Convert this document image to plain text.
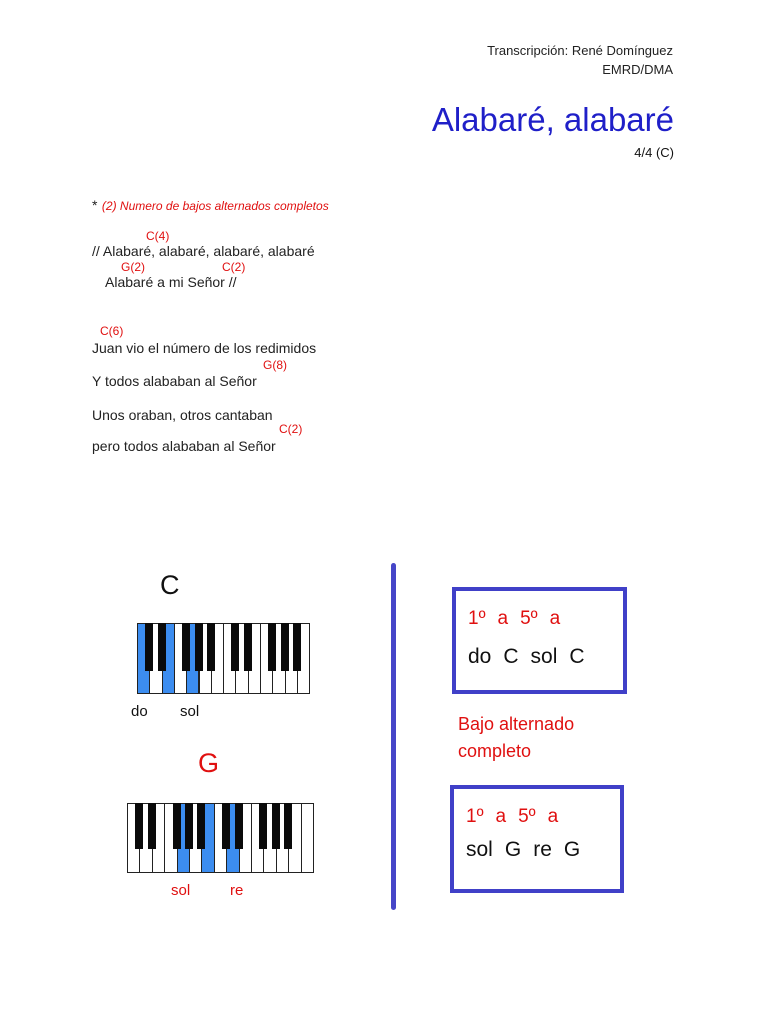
Transcripción: René Domínguez
EMRD/DMA
Alabaré, alabaré
4/4 (C)
* (2) Numero de bajos alternados completos
C(4)
// Alabaré, alabaré, alabaré, alabaré
G(2)	C(2)
Alabaré a mi Señor //
C(6)
Juan vio el número de los redimidos
G(8)
Y todos alababan al Señor
Unos oraban, otros cantaban
C(2)
pero todos alababan al Señor
C
do sol
G
sol	re
1º a 5º a
do C sol C
Bajo alternado completo
1º a 5º a
sol G re G
